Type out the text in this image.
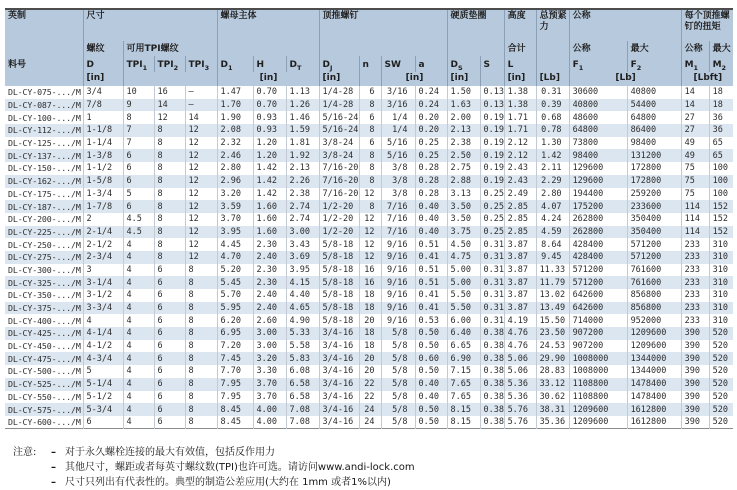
英制	尺寸				螺母主体			顶推螺钉				硬质垫圈		高度	总预紧力	公称		每个顶推螺钉的扭矩	
	螺纹	可用TPI螺纹												合计		公称	最大	公称	最大
料号	D	$TPI_1$	$TPI_2$	$TPI_3$	$D_1$	H	$D_T$	$D_J$	n	SW	a	$D_S$	S	L		$F_1$	$F_2$	$M_1$	$M_2$
	[in]				[in]			[in]		[in]		[in]		[in]	[Lb]	[Lb]		[Lbft]	
DL-CY-075-.../M	3/4	10	16	–	1.47	0.70	1.13	1/4-28	6	3/16	0.24	1.50	0.13	1.38	0.31	30600	40800	14	18
DL-CY-087-.../M	7/8	9	14	–	1.70	0.70	1.26	1/4-28	8	3/16	0.24	1.63	0.13	1.38	0.39	40800	54400	14	18
DL-CY-100-.../M	1	8	12	14	1.90	0.93	1.46	5/16-24	6	1/4	0.20	2.00	0.19	1.71	0.68	48600	64800	27	36
DL-CY-112-.../M	1-1/8	7	8	12	2.08	0.93	1.59	5/16-24	8	1/4	0.20	2.13	0.19	1.71	0.78	64800	86400	27	36
DL-CY-125-.../M	1-1/4	7	8	12	2.32	1.20	1.81	3/8-24	6	5/16	0.25	2.38	0.19	2.12	1.30	73800	98400	49	65
DL-CY-137-.../M	1-3/8	6	8	12	2.46	1.20	1.92	3/8-24	8	5/16	0.25	2.50	0.19	2.12	1.42	98400	131200	49	65
DL-CY-150-.../M	1-1/2	6	8	12	2.80	1.42	2.13	7/16-20	8	3/8	0.28	2.75	0.19	2.43	2.11	129600	172800	75	100
DL-CY-162-.../M	1-5/8	6	8	12	2.96	1.42	2.26	7/16-20	8	3/8	0.28	2.88	0.19	2.43	2.29	129600	172800	75	100
DL-CY-175-.../M	1-3/4	5	8	12	3.20	1.42	2.38	7/16-20	12	3/8	0.28	3.13	0.25	2.49	2.80	194400	259200	75	100
DL-CY-187-.../M	1-7/8	6	8	12	3.59	1.60	2.74	1/2-20	8	7/16	0.40	3.50	0.25	2.85	4.07	175200	233600	114	152
DL-CY-200-.../M	2	4.5	8	12	3.70	1.60	2.74	1/2-20	12	7/16	0.40	3.50	0.25	2.85	4.24	262800	350400	114	152
DL-CY-225-.../M	2-1/4	4.5	8	12	3.95	1.60	3.00	1/2-20	12	7/16	0.40	3.75	0.25	2.85	4.59	262800	350400	114	152
DL-CY-250-.../M	2-1/2	4	8	12	4.45	2.30	3.43	5/8-18	12	9/16	0.51	4.50	0.31	3.87	8.64	428400	571200	233	310
DL-CY-275-.../M	2-3/4	4	8	12	4.70	2.40	3.69	5/8-18	12	9/16	0.41	4.75	0.31	3.87	9.45	428400	571200	233	310
DL-CY-300-.../M	3	4	6	8	5.20	2.30	3.95	5/8-18	16	9/16	0.51	5.00	0.31	3.87	11.33	571200	761600	233	310
DL-CY-325-.../M	3-1/4	4	6	8	5.45	2.30	4.15	5/8-18	16	9/16	0.51	5.00	0.31	3.87	11.79	571200	761600	233	310
DL-CY-350-.../M	3-1/2	4	6	8	5.70	2.40	4.40	5/8-18	18	9/16	0.41	5.50	0.31	3.87	13.02	642600	856800	233	310
DL-CY-375-.../M	3-3/4	4	6	8	5.95	2.40	4.65	5/8-18	18	9/16	0.41	5.50	0.31	3.87	13.49	642600	856800	233	310
DL-CY-400-.../M	4	4	6	8	6.20	2.60	4.90	5/8-18	20	9/16	0.53	6.00	0.31	4.19	15.50	714000	952000	233	310
DL-CY-425-.../M	4-1/4	4	6	8	6.95	3.00	5.33	3/4-16	18	5/8	0.50	6.40	0.38	4.76	23.50	907200	1209600	390	520
DL-CY-450-.../M	4-1/2	4	6	8	7.20	3.00	5.58	3/4-16	18	5/8	0.50	6.65	0.38	4.76	24.53	907200	1209600	390	520
DL-CY-475-.../M	4-3/4	4	6	8	7.45	3.20	5.83	3/4-16	20	5/8	0.60	6.90	0.38	5.06	29.90	1008000	1344000	390	520
DL-CY-500-.../M	5	4	6	8	7.70	3.30	6.08	3/4-16	20	5/8	0.50	7.15	0.38	5.06	28.83	1008000	1344000	390	520
DL-CY-525-.../M	5-1/4	4	6	8	7.95	3.70	6.58	3/4-16	22	5/8	0.40	7.65	0.38	5.36	33.12	1108800	1478400	390	520
DL-CY-550-.../M	5-1/2	4	6	8	7.95	3.70	6.58	3/4-16	22	5/8	0.40	7.65	0.38	5.36	30.62	1108800	1478400	390	520
DL-CY-575-.../M	5-3/4	4	6	8	8.45	4.00	7.08	3/4-16	24	5/8	0.50	8.15	0.38	5.76	38.31	1209600	1612800	390	520
DL-CY-600-.../M	6	4	6	8	8.45	4.00	7.08	3/4-16	24	5/8	0.50	8.15	0.38	5.76	35.36	1209600	1612800	390	520
注意:	– 对于永久螺栓连接的最大有效值，包括反作用力
– 其他尺寸，螺距或者每英寸螺纹数(TPI)也许可选。请访问www.andi-lock.com
– 尺寸只列出有代表性的。典型的制造公差应用(大约在 1mm 或者1%以内)
